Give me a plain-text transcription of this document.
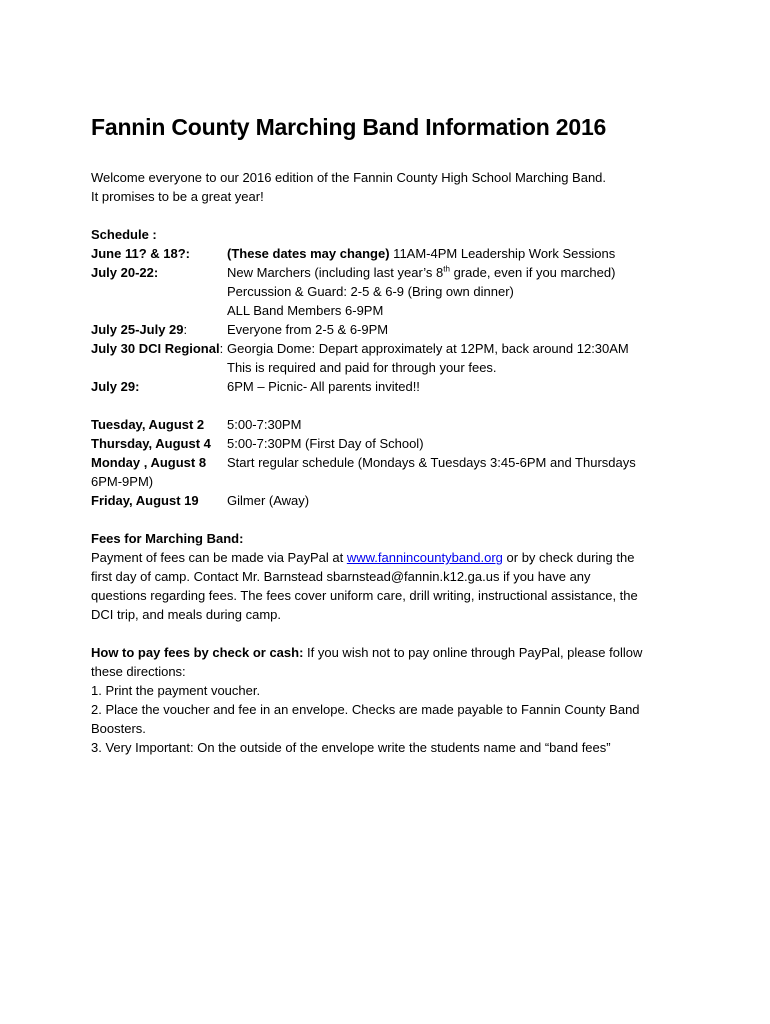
Fannin County Marching Band Information 2016
Welcome everyone to our 2016 edition of the Fannin County High School Marching Band.
It promises to be a great year!
Schedule :
June 11? & 18?:	(These dates may change) 11AM-4PM Leadership Work Sessions
July 20-22:	New Marchers (including last year’s 8th grade, even if you marched)
Percussion & Guard: 2-5 & 6-9 (Bring own dinner)
ALL Band Members 6-9PM
July 25-July 29:	Everyone from 2-5 & 6-9PM
July 30 DCI Regional: Georgia Dome: Depart approximately at 12PM, back around 12:30AM
This is required and paid for through your fees.
July 29:	6PM – Picnic- All parents invited!!
Tuesday, August 2 5:00-7:30PM
Thursday, August 4 5:00-7:30PM (First Day of School)
Monday , August 8 Start regular schedule (Mondays & Tuesdays 3:45-6PM and Thursdays
6PM-9PM)
Friday, August 19 Gilmer (Away)
Fees for Marching Band:
Payment of fees can be made via PayPal at www.fannincountyband.org or by check during the
first day of camp. Contact Mr. Barnstead sbarnstead@fannin.k12.ga.us if you have any
questions regarding fees. The fees cover uniform care, drill writing, instructional assistance, the
DCI trip, and meals during camp.
How to pay fees by check or cash: If you wish not to pay online through PayPal, please follow
these directions:
1. Print the payment voucher.
2. Place the voucher and fee in an envelope. Checks are made payable to Fannin County Band
Boosters.
3. Very Important: On the outside of the envelope write the students name and “band fees”
